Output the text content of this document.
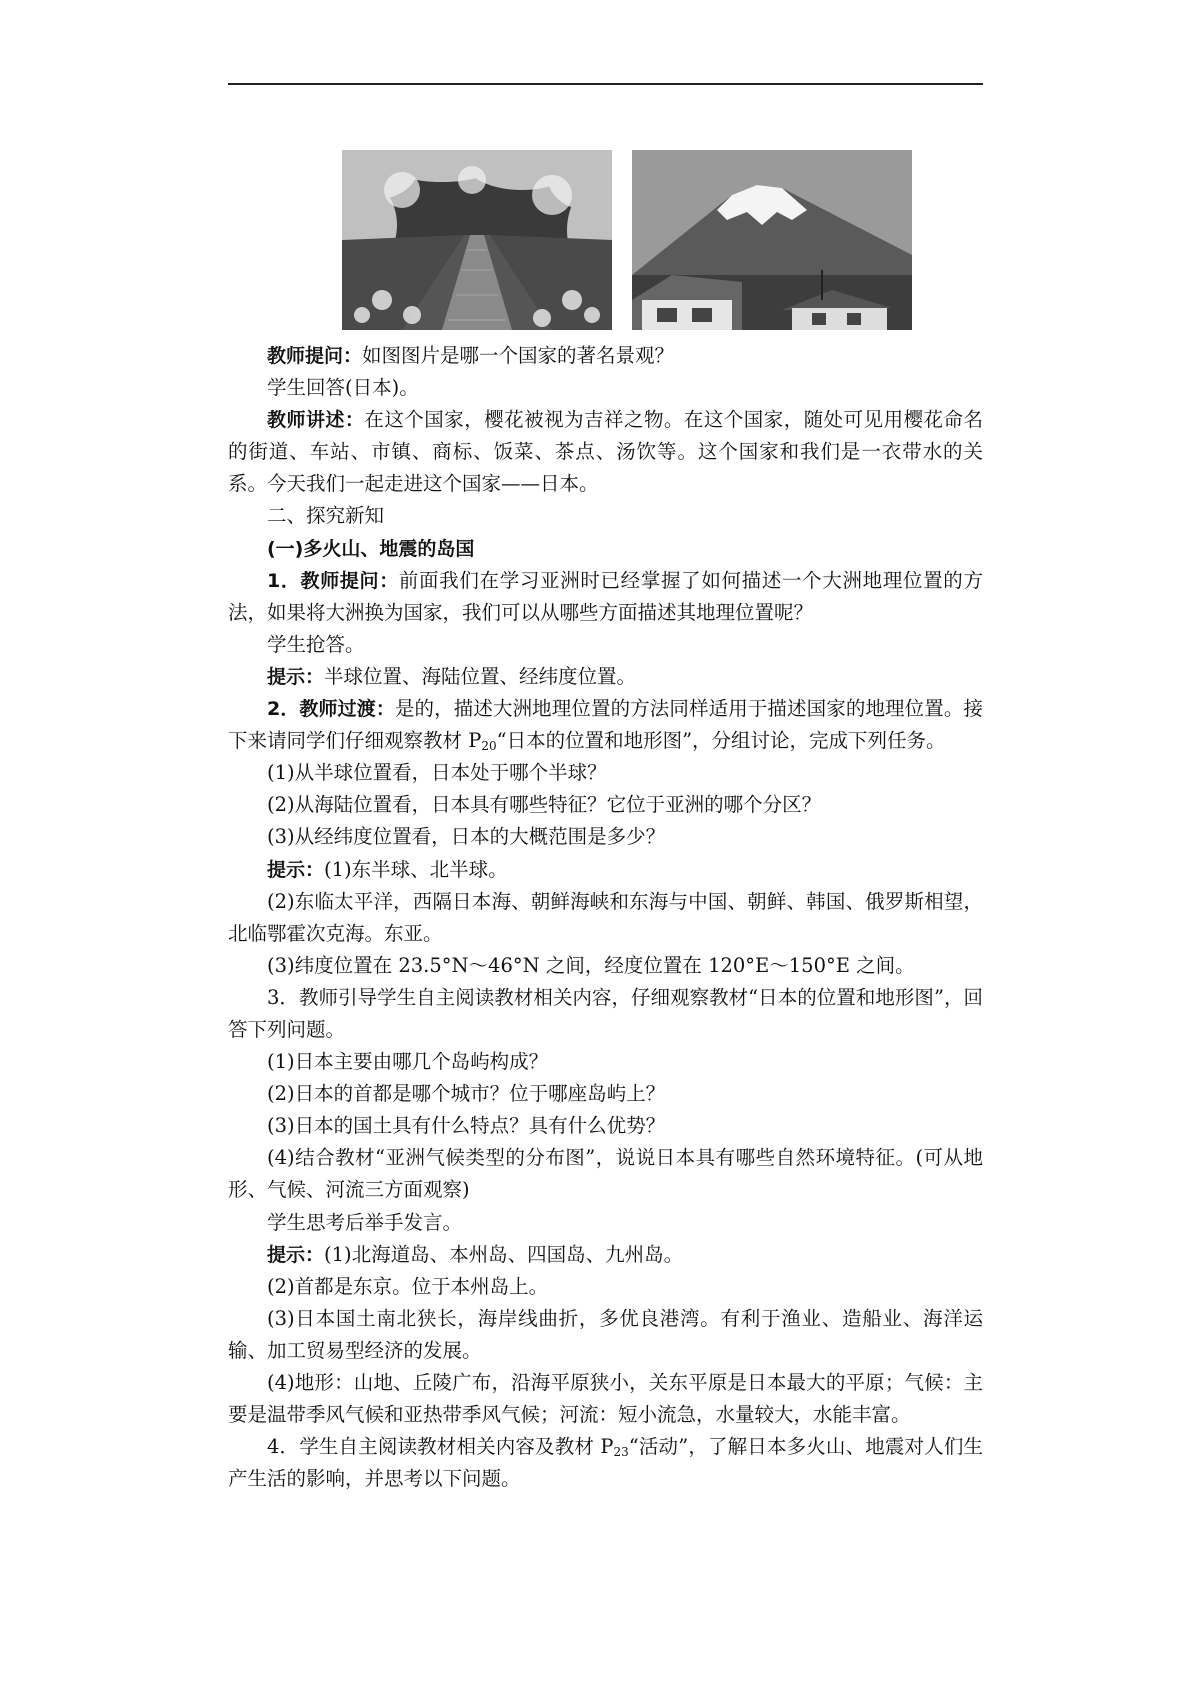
教师提问：如图图片是哪一个国家的著名景观？

学生回答(日本)。

教师讲述：在这个国家，樱花被视为吉祥之物。在这个国家，随处可见用樱花命名的街道、车站、市镇、商标、饭菜、茶点、汤饮等。这个国家和我们是一衣带水的关系。今天我们一起走进这个国家——日本。

二、探究新知

(一)多火山、地震的岛国

1．教师提问：前面我们在学习亚洲时已经掌握了如何描述一个大洲地理位置的方法，如果将大洲换为国家，我们可以从哪些方面描述其地理位置呢？

学生抢答。

提示：半球位置、海陆位置、经纬度位置。

2．教师过渡：是的，描述大洲地理位置的方法同样适用于描述国家的地理位置。接下来请同学们仔细观察教材 $P_{20}“$日本的位置和地形图”，分组讨论，完成下列任务。

(1)从半球位置看，日本处于哪个半球？

(2)从海陆位置看，日本具有哪些特征？它位于亚洲的哪个分区？

(3)从经纬度位置看，日本的大概范围是多少？

提示：(1)东半球、北半球。

(2)东临太平洋，西隔日本海、朝鲜海峡和东海与中国、朝鲜、韩国、俄罗斯相望，北临鄂霍次克海。东亚。

(3)纬度位置在 23.5°N～46°N 之间，经度位置在 120°E～150°E 之间。

3．教师引导学生自主阅读教材相关内容，仔细观察教材“日本的位置和地形图”，回答下列问题。

(1)日本主要由哪几个岛屿构成？

(2)日本的首都是哪个城市？位于哪座岛屿上？

(3)日本的国土具有什么特点？具有什么优势？

(4)结合教材“亚洲气候类型的分布图”，说说日本具有哪些自然环境特征。(可从地形、气候、河流三方面观察)

学生思考后举手发言。

提示：(1)北海道岛、本州岛、四国岛、九州岛。

(2)首都是东京。位于本州岛上。

(3)日本国土南北狭长，海岸线曲折，多优良港湾。有利于渔业、造船业、海洋运输、加工贸易型经济的发展。

(4)地形：山地、丘陵广布，沿海平原狭小，关东平原是日本最大的平原；气候：主要是温带季风气候和亚热带季风气候；河流：短小流急，水量较大，水能丰富。

4．学生自主阅读教材相关内容及教材 $P_{23}“$活动”，了解日本多火山、地震对人们生产生活的影响，并思考以下问题。
